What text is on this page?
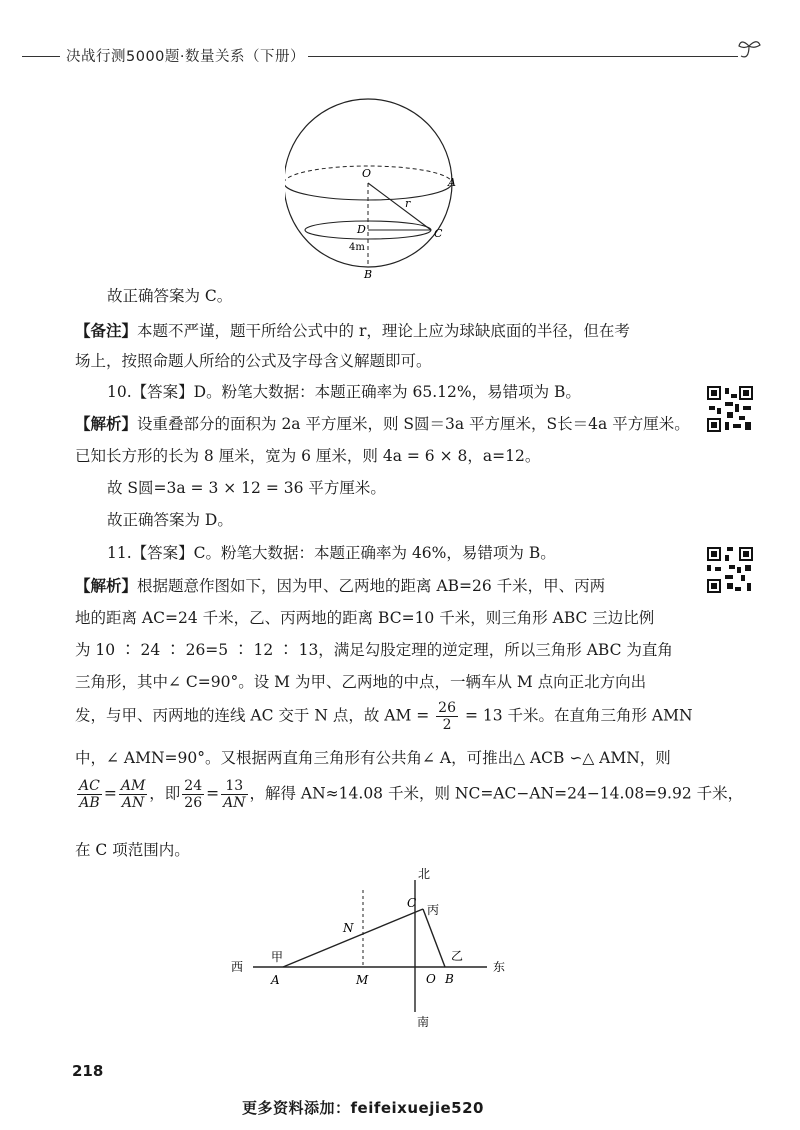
决战行测5000题·数量关系（下册）
O
A
r
D	C
4m
B
故正确答案为 C。
【备注】本题不严谨，题干所给公式中的 r，理论上应为球缺底面的半径，但在考
场上，按照命题人所给的公式及字母含义解题即可。
10.【答案】D。粉笔大数据：本题正确率为 65.12%，易错项为 B。
【解析】设重叠部分的面积为 2a 平方厘米，则 S圆＝3a 平方厘米，S长＝4a 平方厘米。
已知长方形的长为 8 厘米，宽为 6 厘米，则 4a = 6 × 8，a=12。
故 S圆=3a = 3 × 12 = 36 平方厘米。
故正确答案为 D。
11.【答案】C。粉笔大数据：本题正确率为 46%，易错项为 B。
【解析】根据题意作图如下，因为甲、乙两地的距离 AB=26 千米，甲、丙两
地的距离 AC=24 千米，乙、丙两地的距离 BC=10 千米，则三角形 ABC 三边比例
为 10 ∶ 24 ∶ 26=5 ∶ 12 ∶ 13，满足勾股定理的逆定理，所以三角形 ABC 为直角
三角形，其中∠ C=90°。设 M 为甲、乙两地的中点，一辆车从 M 点向正北方向出
发，与甲、丙两地的连线 AC 交于 N 点，故 AM = $\frac{26}{2} = 13$ 千米。在直角三角形 AMN
中，∠ AMN=90°。又根据两直角三角形有公共角∠ A，可推出△ ACB ∽△ AMN，则
$\frac{AC}{AB} = \frac{AM}{AN}$ ，即 $\frac{24}{26} = \frac{13}{AN}$ ，解得 AN≈14.08 千米，则 NC=AC−AN=24−14.08=9.92 千米，
在 C 项范围内。
北
南
西	东
C 丙
N
甲	乙
A	M	O B
218
更多资料添加：feifeixuejie520
